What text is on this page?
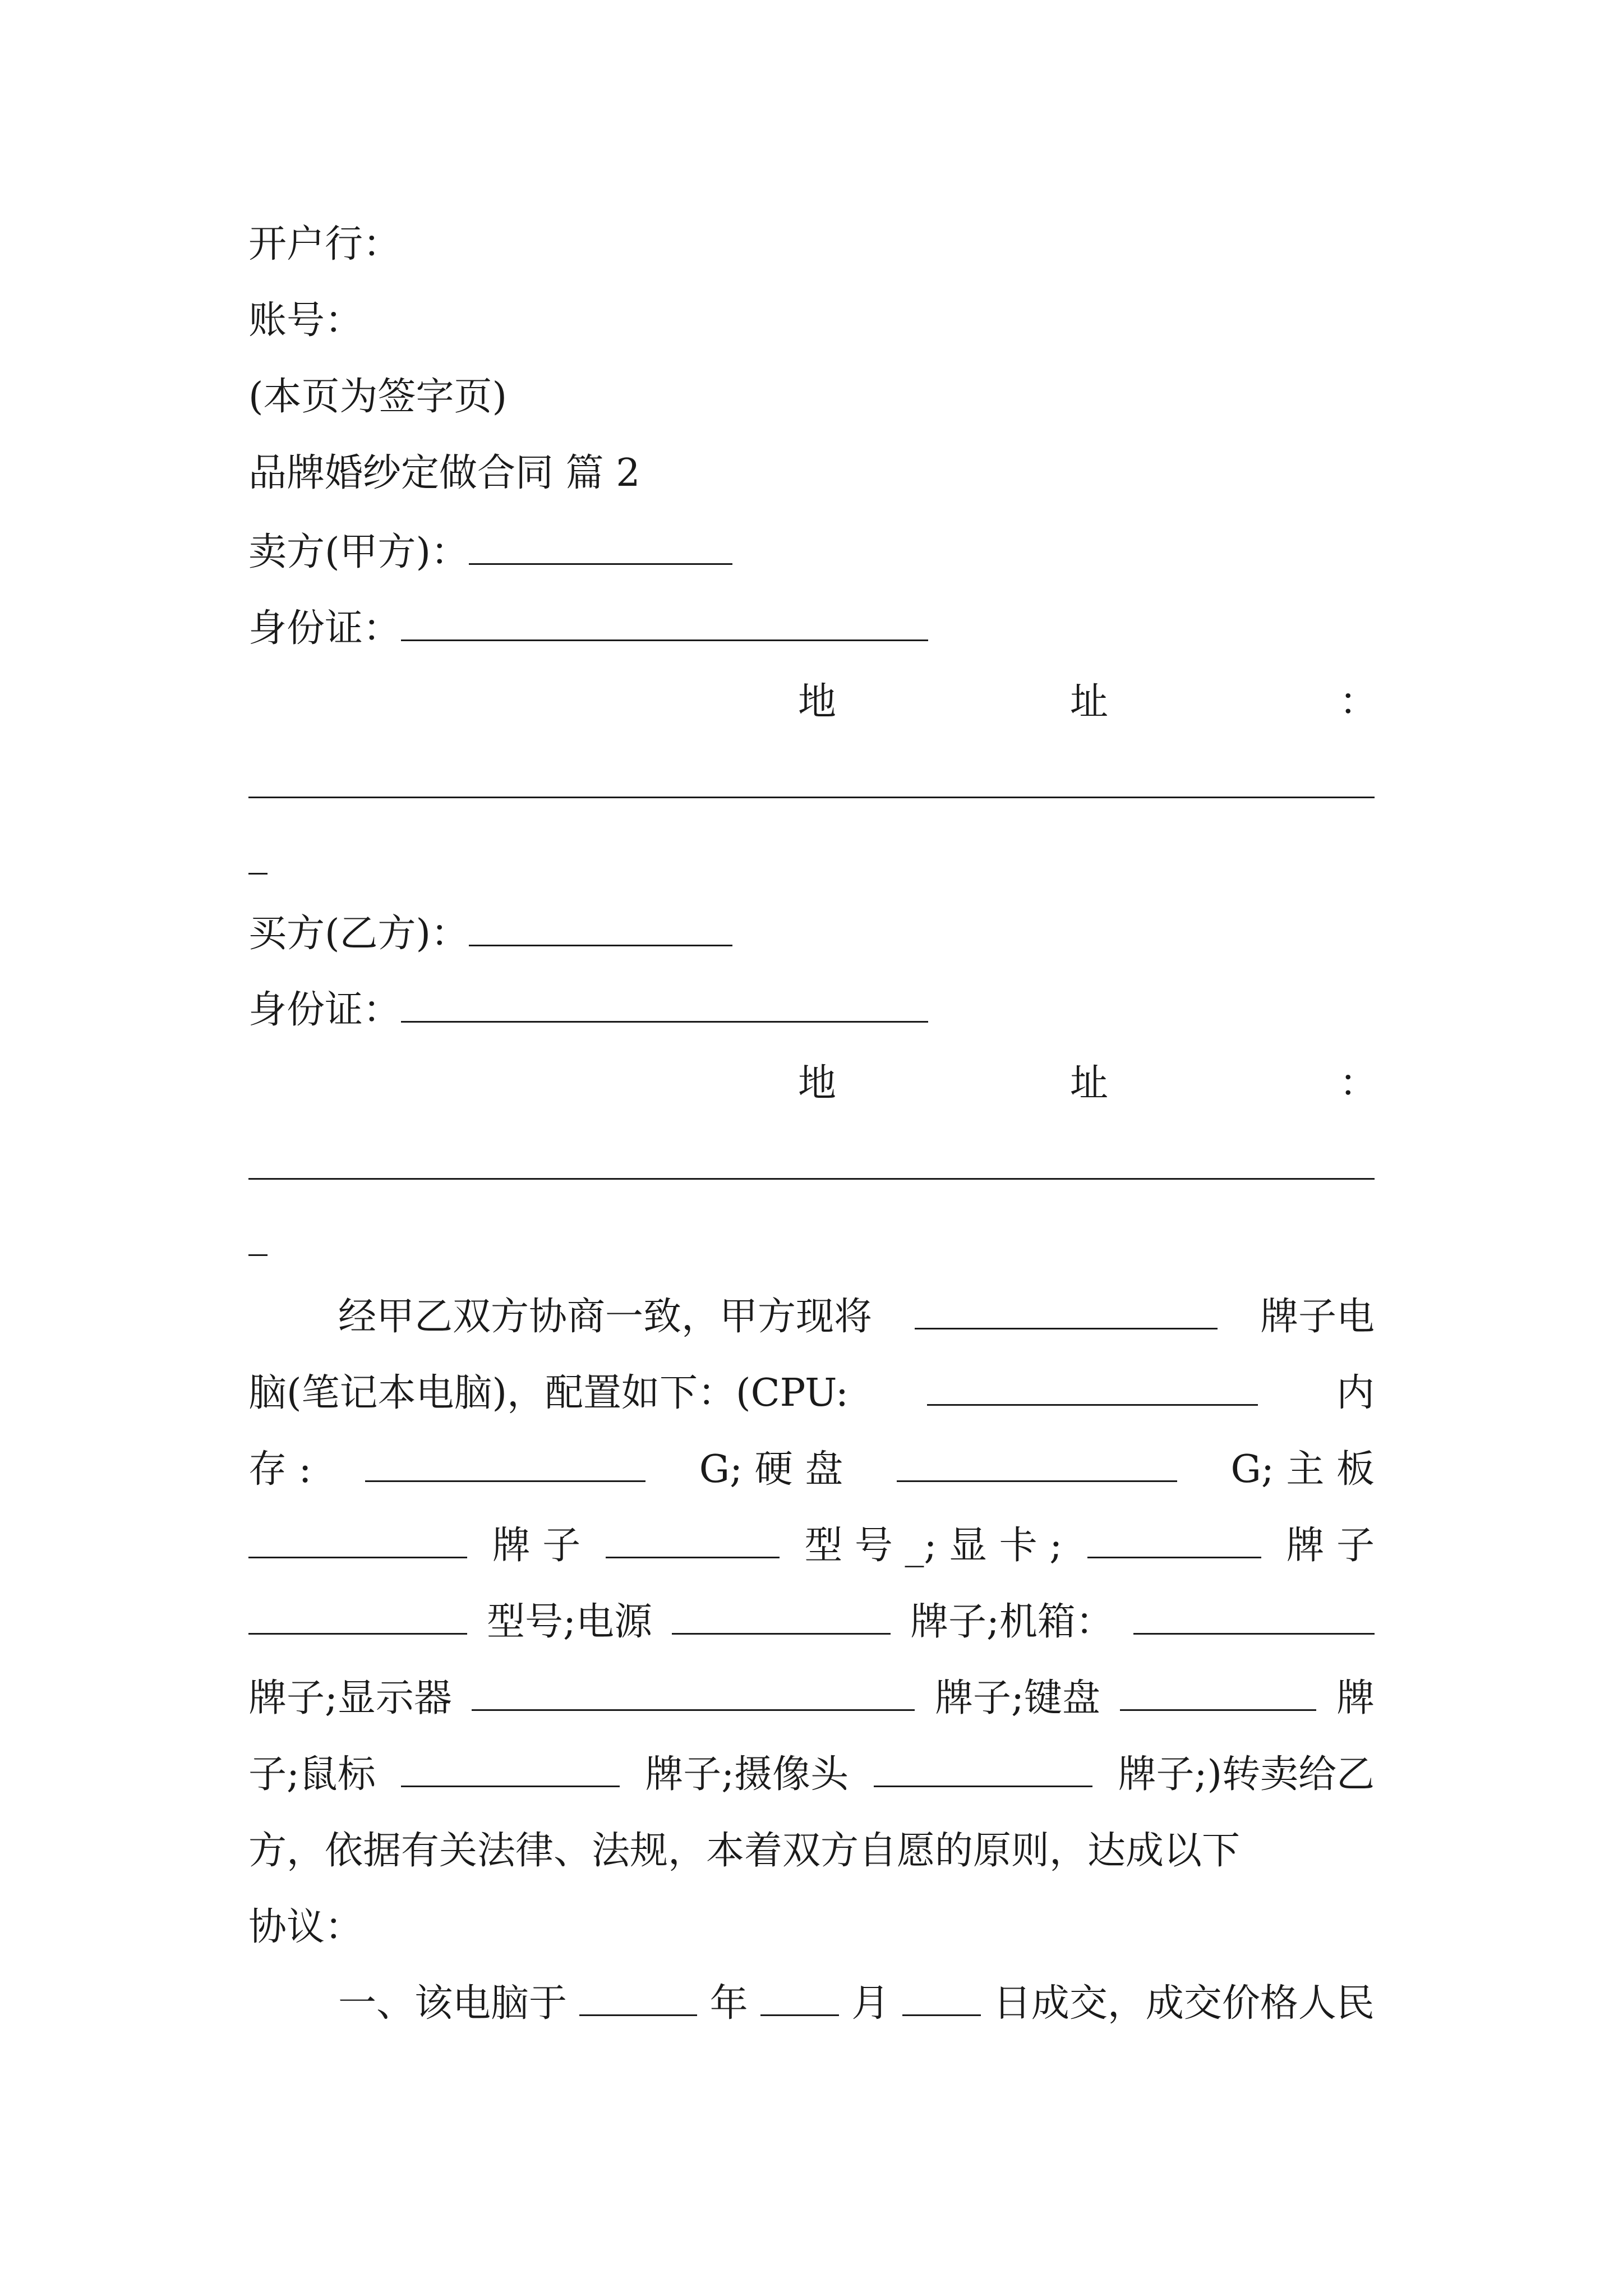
开户行：
账号：
(本页为签字页)
品牌婚纱定做合同 篇 2
卖方(甲方)：
身份证：
地	址	：
买方(乙方)：
身份证：
地	址	：
经甲乙双方协商一致，甲方现将	牌子电
脑(笔记本电脑)，配置如下：(CPU:	内
存 :	G; 硬 盘	G; 主 板
牌 子	型 号 _; 显 卡 ;	牌 子
型号;电源	牌子;机箱：
牌子;显示器	牌子;键盘	牌
子;鼠标	牌子;摄像头	牌子;)转卖给乙
方，依据有关法律、法规，本着双方自愿的原则，达成以下
协议：
一、该电脑于	年	月	日成交，成交价格人民
